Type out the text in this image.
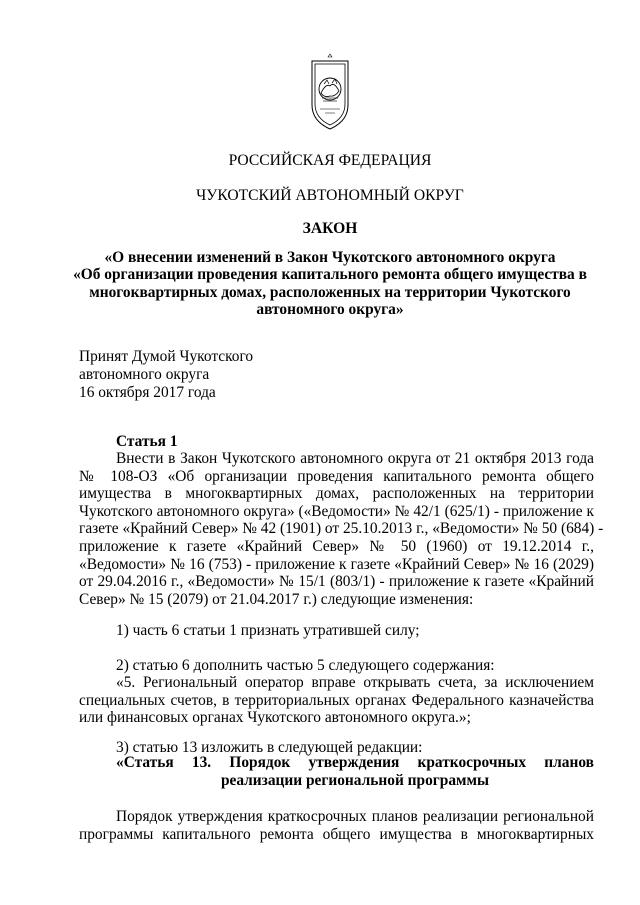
РОССИЙСКАЯ ФЕДЕРАЦИЯ
ЧУКОТСКИЙ АВТОНОМНЫЙ ОКРУГ
ЗАКОН
«О внесении изменений в Закон Чукотского автономного округа
«Об организации проведения капитального ремонта общего имущества в
многоквартирных домах, расположенных на территории Чукотского
автономного округа»
Принят Думой Чукотского
автономного округа
16 октября 2017 года
Статья 1
Внести в Закон Чукотского автономного округа от 21 октября 2013 года
№ 108-ОЗ «Об организации проведения капитального ремонта общего
имущества в многоквартирных домах, расположенных на территории
Чукотского автономного округа» («Ведомости» № 42/1 (625/1) - приложение к
газете «Крайний Север» № 42 (1901) от 25.10.2013 г., «Ведомости» № 50 (684) -
приложение к газете «Крайний Север» № 50 (1960) от 19.12.2014 г.,
«Ведомости» № 16 (753) - приложение к газете «Крайний Север» № 16 (2029)
от 29.04.2016 г., «Ведомости» № 15/1 (803/1) - приложение к газете «Крайний
Север» № 15 (2079) от 21.04.2017 г.) следующие изменения:
1) часть 6 статьи 1 признать утратившей силу;
2) статью 6 дополнить частью 5 следующего содержания:
«5. Региональный оператор вправе открывать счета, за исключением
специальных счетов, в территориальных органах Федерального казначейства
или финансовых органах Чукотского автономного округа.»;
3) статью 13 изложить в следующей редакции:
«Статья 13. Порядок утверждения краткосрочных планов
реализации региональной программы
Порядок утверждения краткосрочных планов реализации региональной
программы капитального ремонта общего имущества в многоквартирных
